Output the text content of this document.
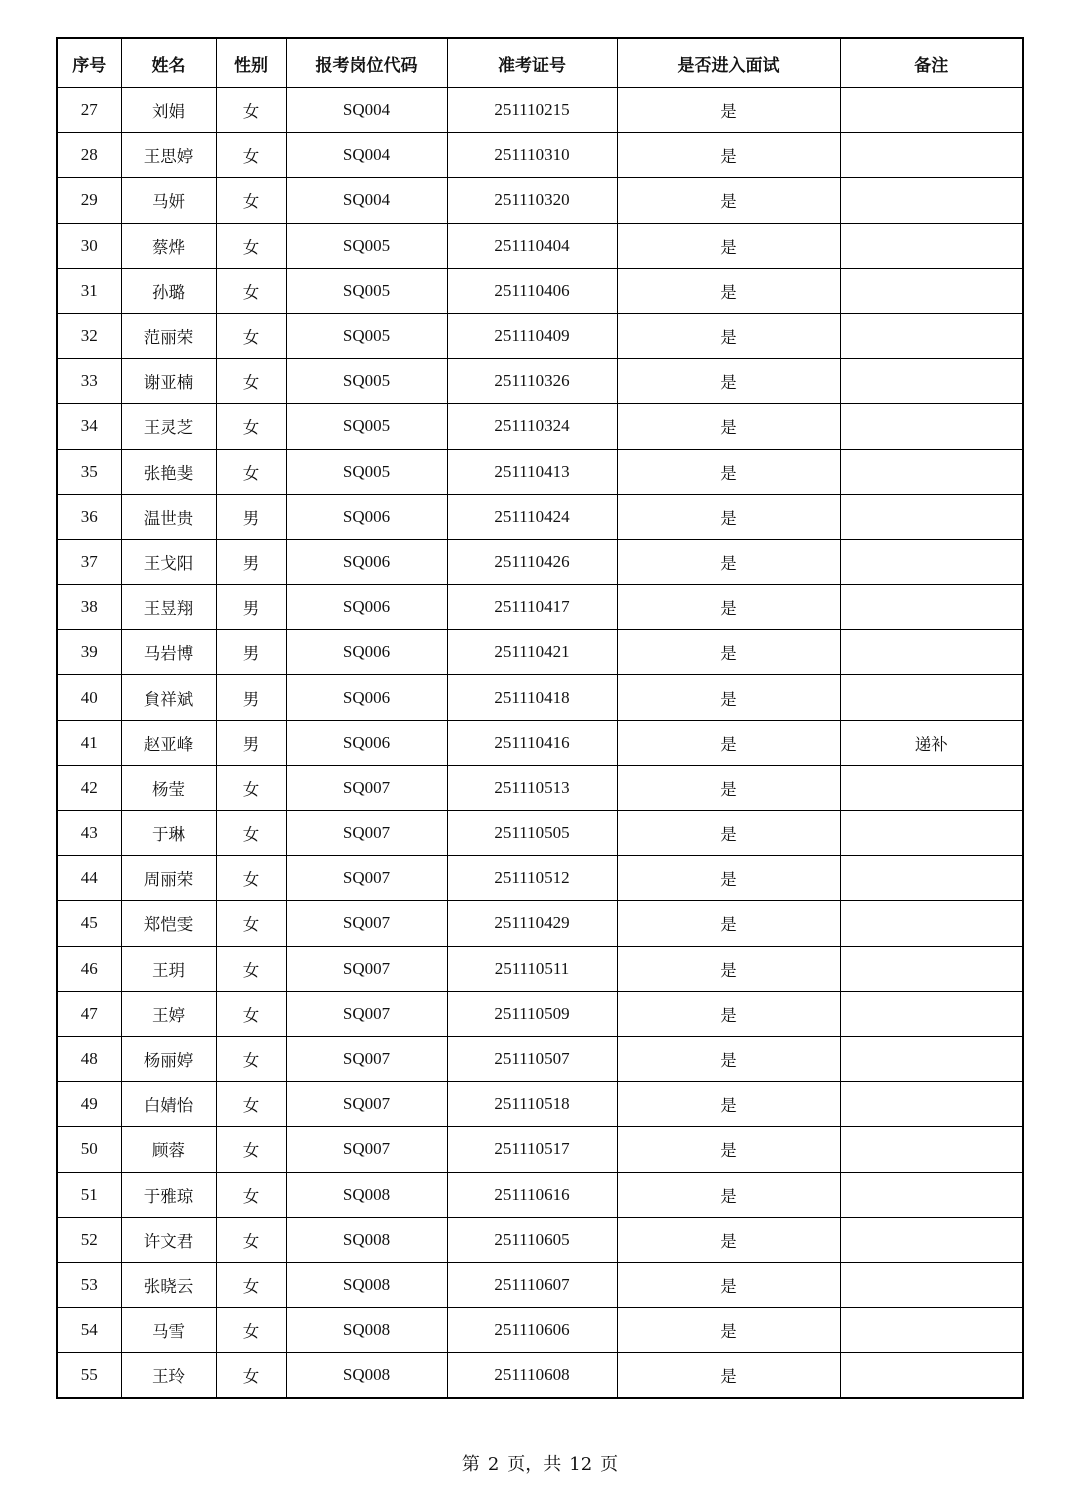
序号	姓名	性别	报考岗位代码	准考证号	是否进入面试	备注
27	刘娟	女	SQ004	251110215	是	
28	王思婷	女	SQ004	251110310	是	
29	马妍	女	SQ004	251110320	是	
30	蔡烨	女	SQ005	251110404	是	
31	孙璐	女	SQ005	251110406	是	
32	范丽荣	女	SQ005	251110409	是	
33	谢亚楠	女	SQ005	251110326	是	
34	王灵芝	女	SQ005	251110324	是	
35	张艳斐	女	SQ005	251110413	是	
36	温世贵	男	SQ006	251110424	是	
37	王戈阳	男	SQ006	251110426	是	
38	王昱翔	男	SQ006	251110417	是	
39	马岩博	男	SQ006	251110421	是	
40	貟祥斌	男	SQ006	251110418	是	
41	赵亚峰	男	SQ006	251110416	是	递补
42	杨莹	女	SQ007	251110513	是	
43	于琳	女	SQ007	251110505	是	
44	周丽荣	女	SQ007	251110512	是	
45	郑恺雯	女	SQ007	251110429	是	
46	王玥	女	SQ007	251110511	是	
47	王婷	女	SQ007	251110509	是	
48	杨丽婷	女	SQ007	251110507	是	
49	白婧怡	女	SQ007	251110518	是	
50	顾蓉	女	SQ007	251110517	是	
51	于雅琼	女	SQ008	251110616	是	
52	许文君	女	SQ008	251110605	是	
53	张晓云	女	SQ008	251110607	是	
54	马雪	女	SQ008	251110606	是	
55	王玲	女	SQ008	251110608	是	
第 2 页，共 12 页
